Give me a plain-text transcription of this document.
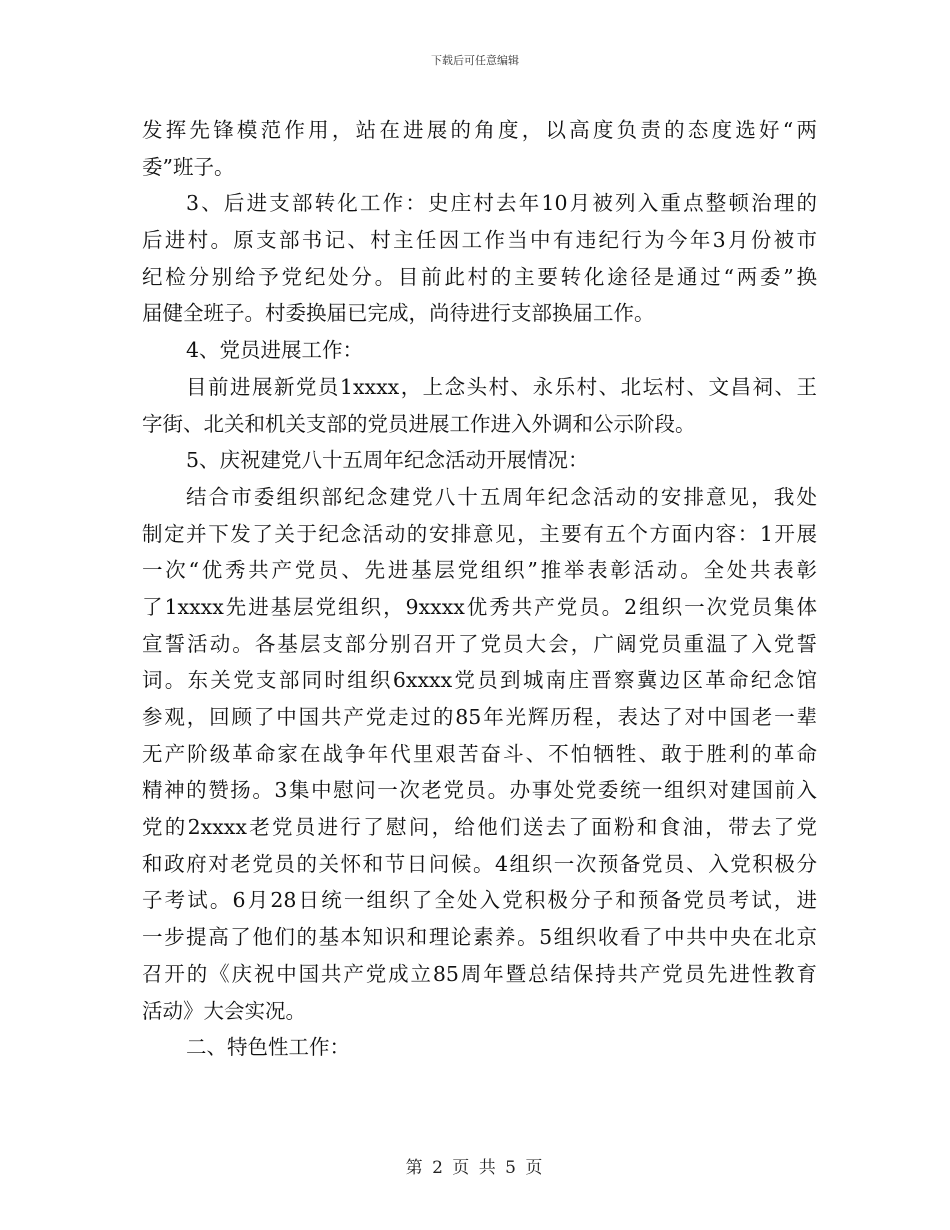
下载后可任意编辑
发挥先锋模范作用，站在进展的角度，以高度负责的态度选好“两
委”班子。
3、后进支部转化工作：史庄村去年10月被列入重点整顿治理的
后进村。原支部书记、村主任因工作当中有违纪行为今年3月份被市
纪检分别给予党纪处分。目前此村的主要转化途径是通过“两委”换
届健全班子。村委换届已完成，尚待进行支部换届工作。
4、党员进展工作：
目前进展新党员1xxxx，上念头村、永乐村、北坛村、文昌祠、王
字街、北关和机关支部的党员进展工作进入外调和公示阶段。
5、庆祝建党八十五周年纪念活动开展情况：
结合市委组织部纪念建党八十五周年纪念活动的安排意见，我处
制定并下发了关于纪念活动的安排意见，主要有五个方面内容：1开展
一次“优秀共产党员、先进基层党组织”推举表彰活动。全处共表彰
了1xxxx先进基层党组织，9xxxx优秀共产党员。2组织一次党员集体
宣誓活动。各基层支部分别召开了党员大会，广阔党员重温了入党誓
词。东关党支部同时组织6xxxx党员到城南庄晋察冀边区革命纪念馆
参观，回顾了中国共产党走过的85年光辉历程，表达了对中国老一辈
无产阶级革命家在战争年代里艰苦奋斗、不怕牺牲、敢于胜利的革命
精神的赞扬。3集中慰问一次老党员。办事处党委统一组织对建国前入
党的2xxxx老党员进行了慰问，给他们送去了面粉和食油，带去了党
和政府对老党员的关怀和节日问候。4组织一次预备党员、入党积极分
子考试。6月28日统一组织了全处入党积极分子和预备党员考试，进
一步提高了他们的基本知识和理论素养。5组织收看了中共中央在北京
召开的《庆祝中国共产党成立85周年暨总结保持共产党员先进性教育
活动》大会实况。
二、特色性工作：
第 2 页 共 5 页
